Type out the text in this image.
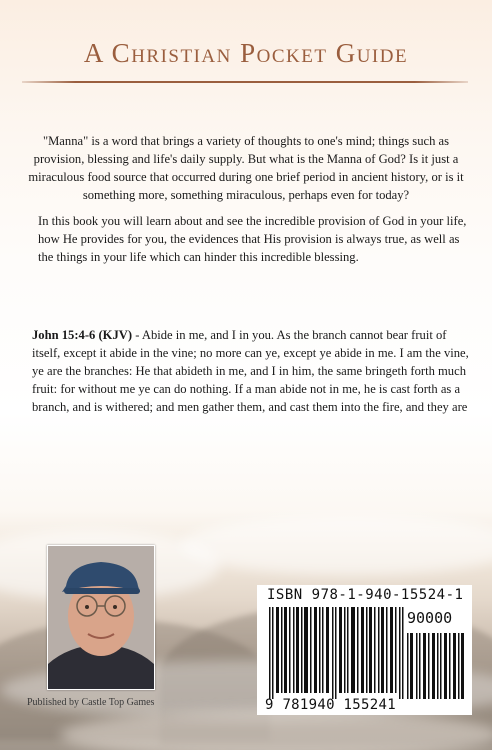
A Christian Pocket Guide
"Manna" is a word that brings a variety of thoughts to one's mind; things such as provision, blessing and life's daily supply. But what is the Manna of God? Is it just a miraculous food source that occurred during one brief period in ancient history, or is it something more, something miraculous, perhaps even for today?
In this book you will learn about and see the incredible provision of God in your life, how He provides for you, the evidences that His provision is always true, as well as the things in your life which can hinder this incredible blessing.
John 15:4-6 (KJV) - Abide in me, and I in you. As the branch cannot bear fruit of itself, except it abide in the vine; no more can ye, except ye abide in me. I am the vine, ye are the branches: He that abideth in me, and I in him, the same bringeth forth much fruit: for without me ye can do nothing. If a man abide not in me, he is cast forth as a branch, and is withered; and men gather them, and cast them into the fire, and they are
Published by Castle Top Games
ISBN 978-1-940-15524-1
90000
9 781940 155241
